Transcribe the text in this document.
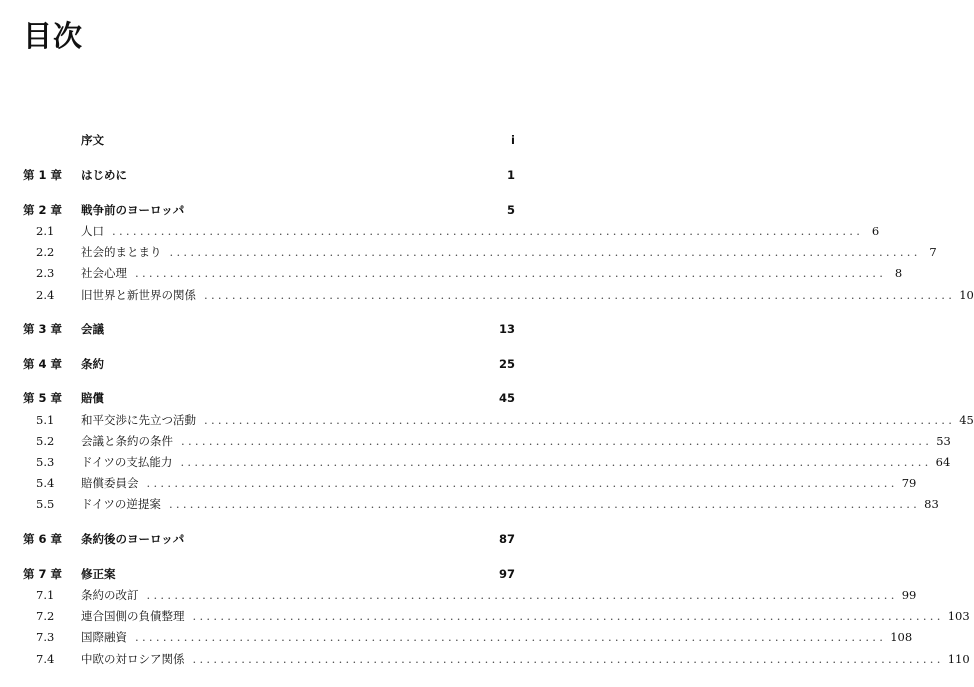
目次
序文	i
第 1 章	はじめに	1
第 2 章	戦争前のヨーロッパ	5
2.1	人口 ............................................................................................................ 6
2.2	社会的まとまり ............................................................................................................ 7
2.3	社会心理 ............................................................................................................ 8
2.4	旧世界と新世界の関係 ............................................................................................................ 10
第 3 章	会議	13
第 4 章	条約	25
第 5 章	賠償	45
5.1	和平交渉に先立つ活動 ............................................................................................................ 45
5.2	会議と条約の条件 ............................................................................................................ 53
5.3	ドイツの支払能力 ............................................................................................................ 64
5.4	賠償委員会 ............................................................................................................ 79
5.5	ドイツの逆提案 ............................................................................................................ 83
第 6 章	条約後のヨーロッパ	87
第 7 章	修正案	97
7.1	条約の改訂 ............................................................................................................ 99
7.2	連合国側の負債整理 ............................................................................................................ 103
7.3	国際融資 ............................................................................................................ 108
7.4	中欧の対ロシア関係 ............................................................................................................ 110
